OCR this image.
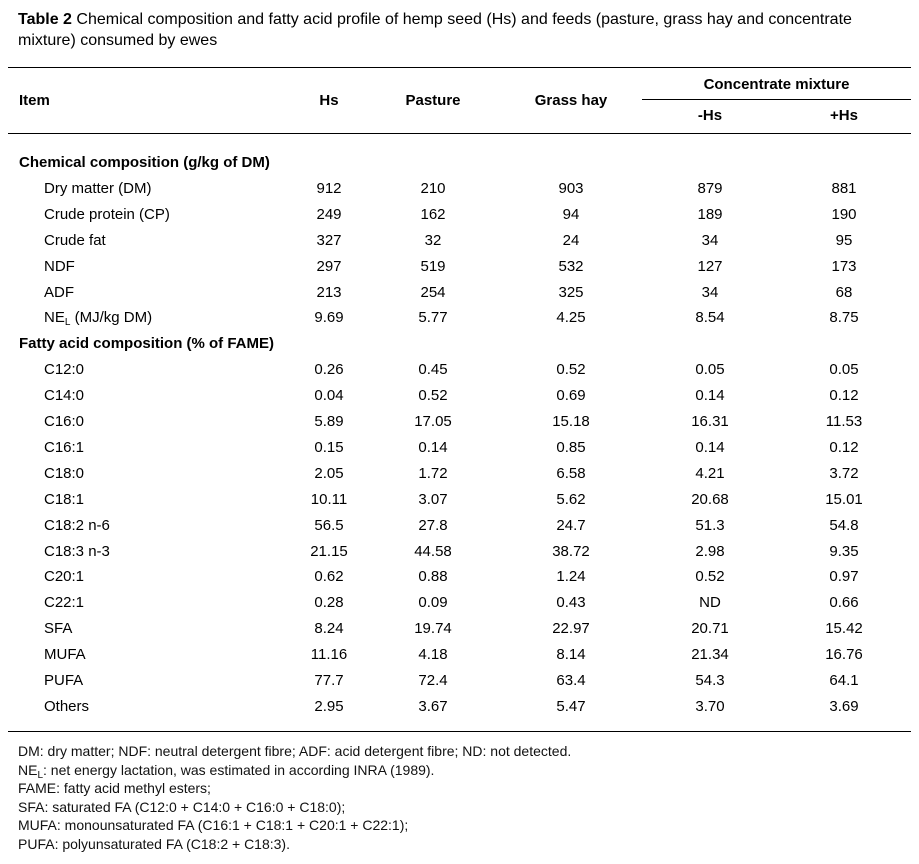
Table 2 Chemical composition and fatty acid profile of hemp seed (Hs) and feeds (pasture, grass hay and concentrate mixture) consumed by ewes
Item	Hs	Pasture	Grass hay
Concentrate mixture
-Hs	+Hs
Chemical composition (g/kg of DM)
Dry matter (DM)	912	210	903	879	881
Crude protein (CP)	249	162	94	189	190
Crude fat	327	32	24	34	95
NDF	297	519	532	127	173
ADF	213	254	325	34	68
$NE_L$ (MJ/kg DM)	9.69	5.77	4.25	8.54	8.75
Fatty acid composition (% of FAME)
C12:0	0.26	0.45	0.52	0.05	0.05
C14:0	0.04	0.52	0.69	0.14	0.12
C16:0	5.89	17.05	15.18	16.31	11.53
C16:1	0.15	0.14	0.85	0.14	0.12
C18:0	2.05	1.72	6.58	4.21	3.72
C18:1	10.11	3.07	5.62	20.68	15.01
C18:2 n-6	56.5	27.8	24.7	51.3	54.8
C18:3 n-3	21.15	44.58	38.72	2.98	9.35
C20:1	0.62	0.88	1.24	0.52	0.97
C22:1	0.28	0.09	0.43	ND	0.66
SFA	8.24	19.74	22.97	20.71	15.42
MUFA	11.16	4.18	8.14	21.34	16.76
PUFA	77.7	72.4	63.4	54.3	64.1
Others	2.95	3.67	5.47	3.70	3.69
DM: dry matter; NDF: neutral detergent fibre; ADF: acid detergent fibre; ND: not detected.
$NE_L$: net energy lactation, was estimated in according INRA (1989).
FAME: fatty acid methyl esters;
SFA: saturated FA (C12:0 + C14:0 + C16:0 + C18:0);
MUFA: monounsaturated FA (C16:1 + C18:1 + C20:1 + C22:1);
PUFA: polyunsaturated FA (C18:2 + C18:3).
